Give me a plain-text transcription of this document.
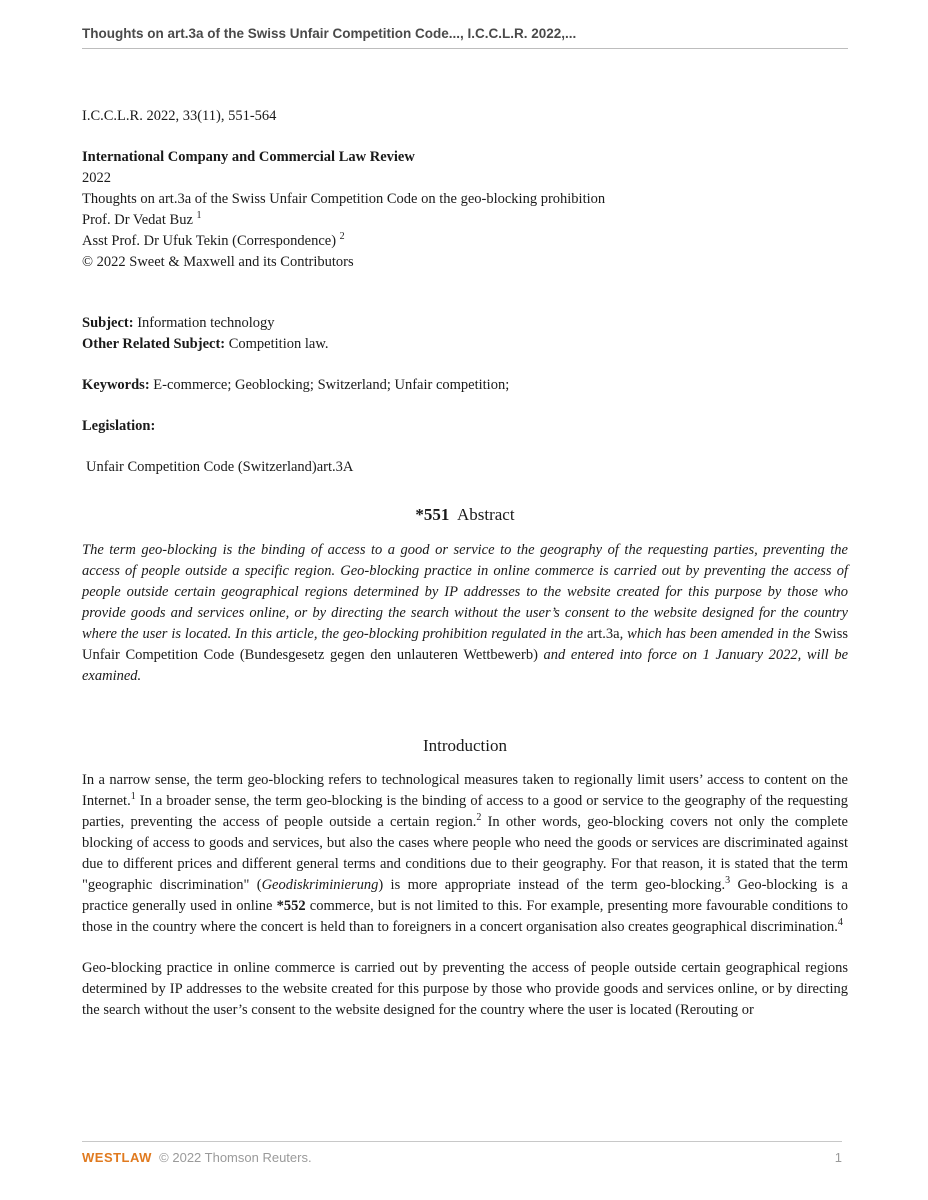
Thoughts on art.3a of the Swiss Unfair Competition Code..., I.C.C.L.R. 2022,...

I.C.C.L.R. 2022, 33(11), 551-564

International Company and Commercial Law Review

2022

Thoughts on art.3a of the Swiss Unfair Competition Code on the geo-blocking prohibition

Prof. Dr Vedat Buz $^1$

Asst Prof. Dr Ufuk Tekin (Correspondence) $^2$

© 2022 Sweet & Maxwell and its Contributors

Subject: Information technology

Other Related Subject: Competition law.

Keywords: E-commerce; Geoblocking; Switzerland; Unfair competition;

Legislation:

Unfair Competition Code (Switzerland)art.3A

*551 Abstract

The term geo-blocking is the binding of access to a good or service to the geography of the requesting parties, preventing the access of people outside a specific region. Geo-blocking practice in online commerce is carried out by preventing the access of people outside certain geographical regions determined by IP addresses to the website created for this purpose by those who provide goods and services online, or by directing the search without the user’s consent to the website designed for the country where the user is located. In this article, the geo-blocking prohibition regulated in the art.3a, which has been amended in the Swiss Unfair Competition Code (Bundesgesetz gegen den unlauteren Wettbewerb) and entered into force on 1 January 2022, will be examined.

Introduction

In a narrow sense, the term geo-blocking refers to technological measures taken to regionally limit users’ access to content on the Internet.$^1$ In a broader sense, the term geo-blocking is the binding of access to a good or service to the geography of the requesting parties, preventing the access of people outside a certain region.$^2$ In other words, geo-blocking covers not only the complete blocking of access to goods and services, but also the cases where people who need the goods or services are discriminated against due to different prices and different general terms and conditions due to their geography. For that reason, it is stated that the term "geographic discrimination" (Geodiskriminierung) is more appropriate instead of the term geo-blocking.$^3$ Geo-blocking is a practice generally used in online *552 commerce, but is not limited to this. For example, presenting more favourable conditions to those in the country where the concert is held than to foreigners in a concert organisation also creates geographical discrimination.$^4$

Geo-blocking practice in online commerce is carried out by preventing the access of people outside certain geographical regions determined by IP addresses to the website created for this purpose by those who provide goods and services online, or by directing the search without the user’s consent to the website designed for the country where the user is located (Rerouting or

WESTLAW © 2022 Thomson Reuters.	1
